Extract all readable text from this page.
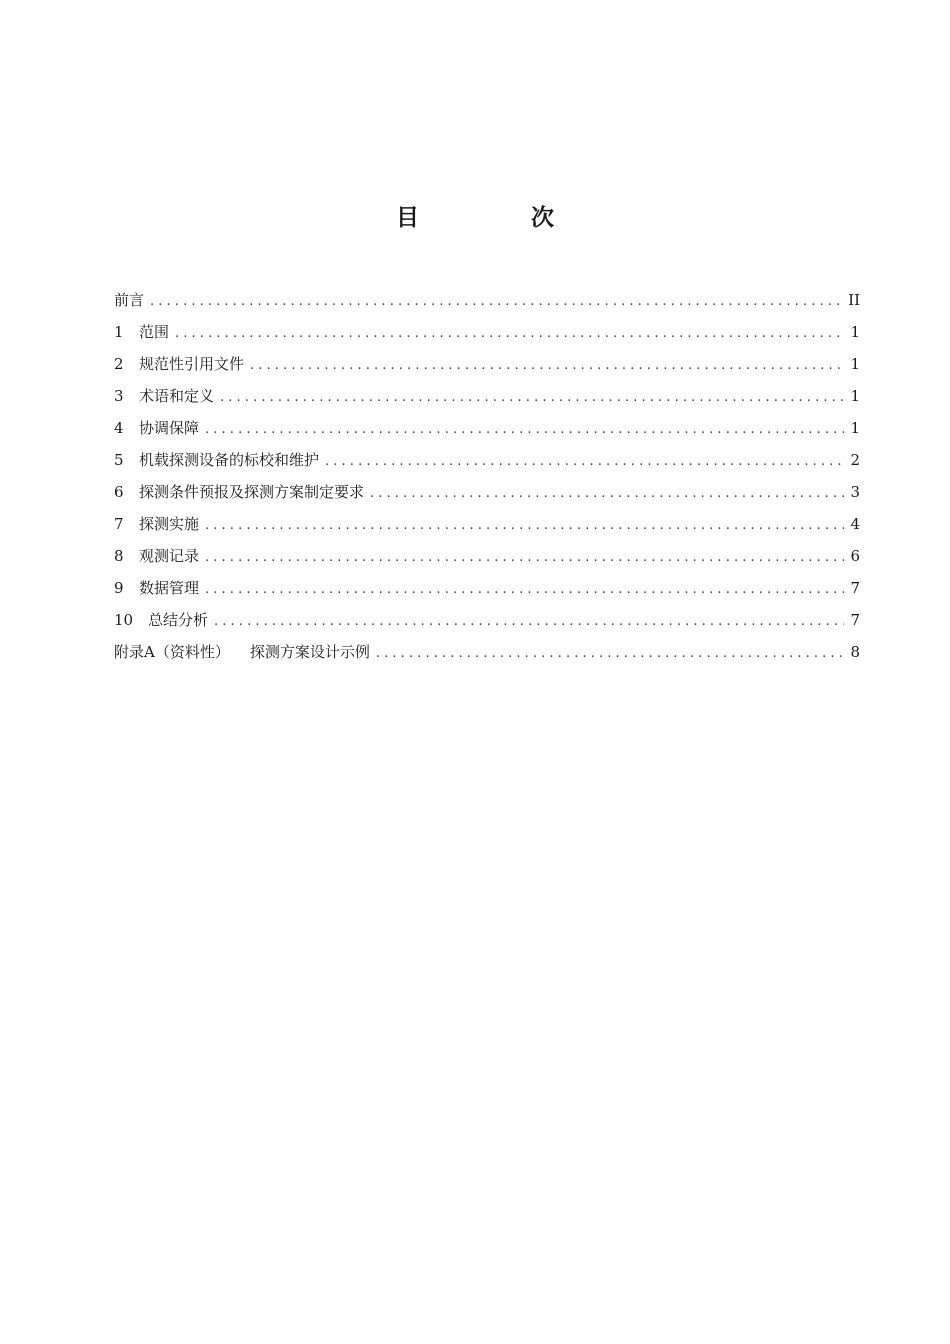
目 次
前言 . . .	II
1	范围 . . .	1
2	规范性引用文件 . . .	1
3	术语和定义 . . .	1
4	协调保障 . . .	1
5	机载探测设备的标校和维护 . . .	2
6	探测条件预报及探测方案制定要求 . . .	3
7	探测实施 . . .	4
8	观测记录 . . .	6
9	数据管理 . . .	7
10 总结分析 . . .	7
附录A（资料性） 探测方案设计示例 . . .	8
